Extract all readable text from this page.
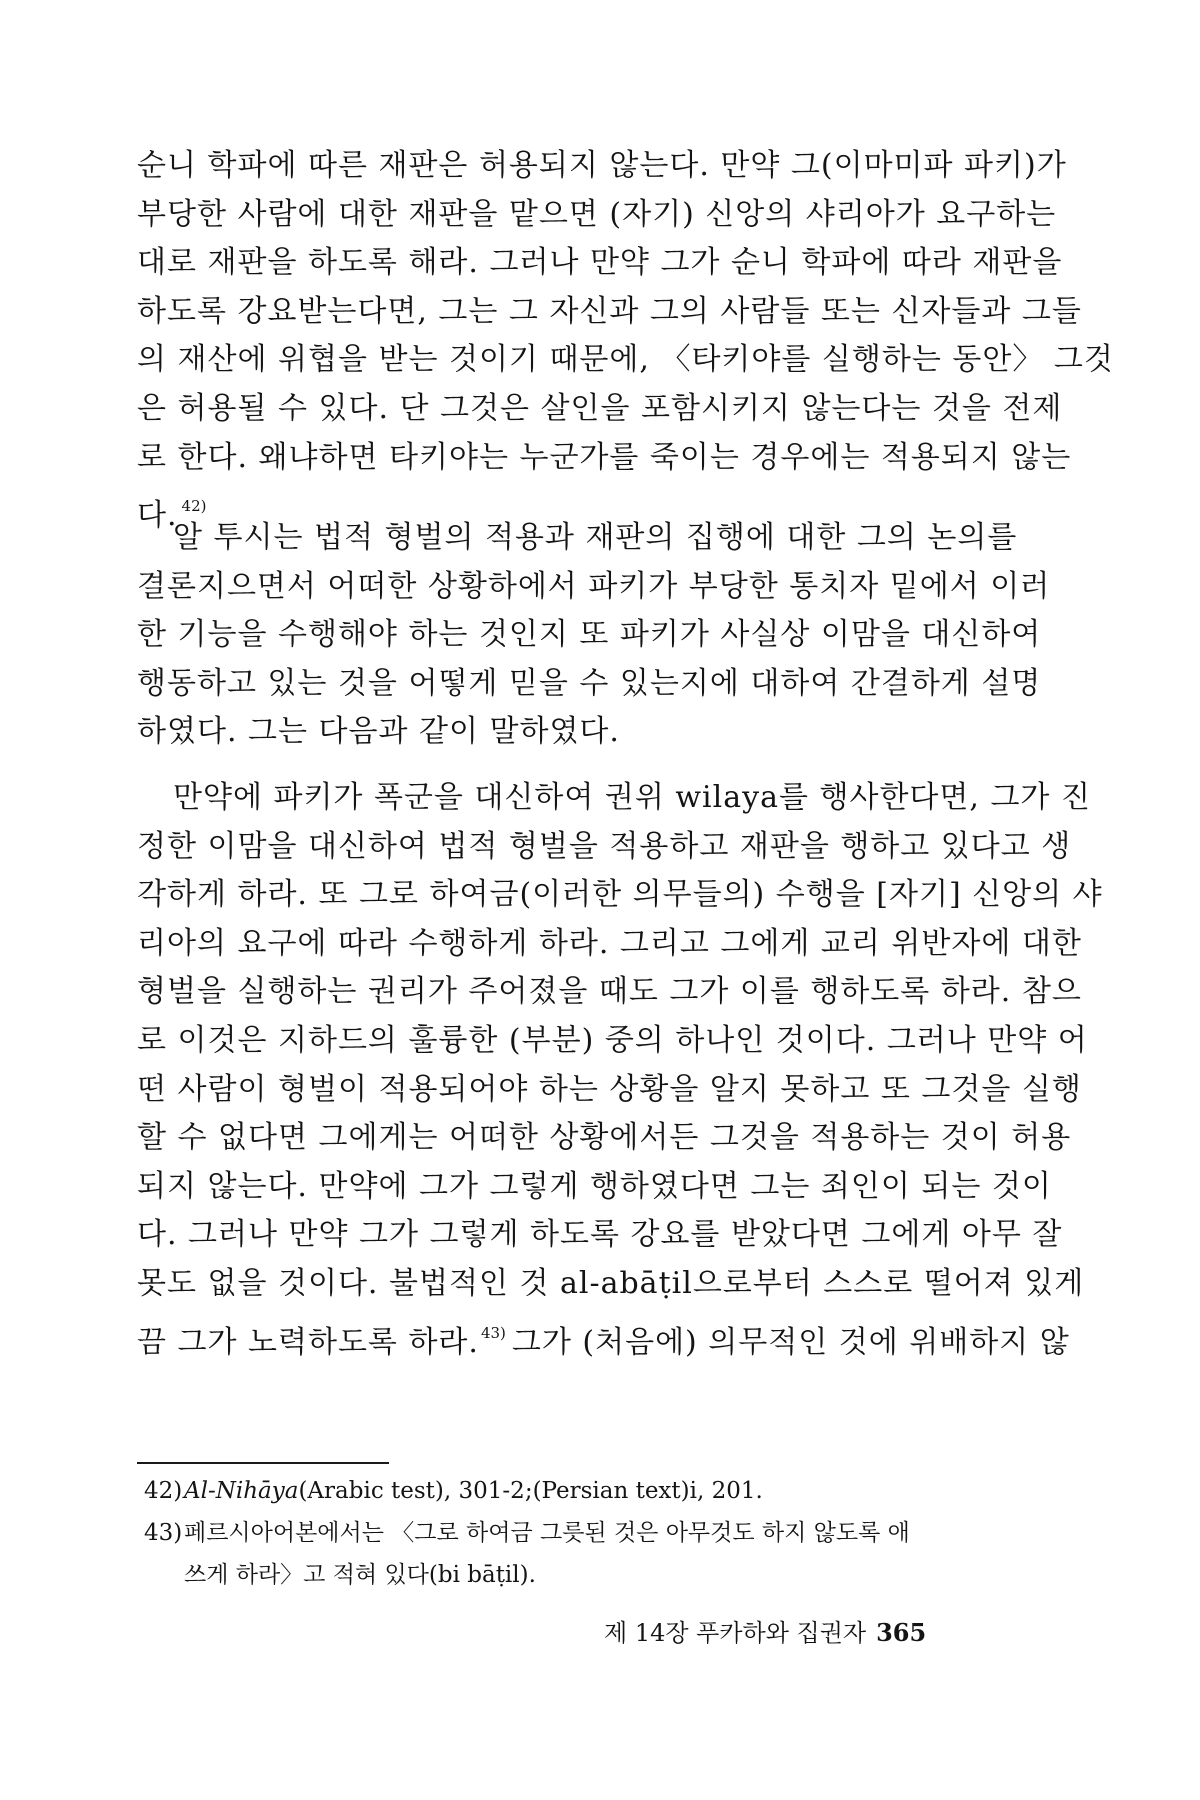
순니 학파에 따른 재판은 허용되지 않는다. 만약 그(이마미파 파키)가
부당한 사람에 대한 재판을 맡으면 (자기) 신앙의 샤리아가 요구하는
대로 재판을 하도록 해라. 그러나 만약 그가 순니 학파에 따라 재판을
하도록 강요받는다면, 그는 그 자신과 그의 사람들 또는 신자들과 그들
의 재산에 위협을 받는 것이기 때문에, 〈타키야를 실행하는 동안〉 그것
은 허용될 수 있다. 단 그것은 살인을 포함시키지 않는다는 것을 전제
로 한다. 왜냐하면 타키야는 누군가를 죽이는 경우에는 적용되지 않는
다. $^{42)}$
알 투시는 법적 형벌의 적용과 재판의 집행에 대한 그의 논의를
결론지으면서 어떠한 상황하에서 파키가 부당한 통치자 밑에서 이러
한 기능을 수행해야 하는 것인지 또 파키가 사실상 이맘을 대신하여
행동하고 있는 것을 어떻게 믿을 수 있는지에 대하여 간결하게 설명
하였다. 그는 다음과 같이 말하였다.
만약에 파키가 폭군을 대신하여 권위 wilaya를 행사한다면, 그가 진
정한 이맘을 대신하여 법적 형벌을 적용하고 재판을 행하고 있다고 생
각하게 하라. 또 그로 하여금(이러한 의무들의) 수행을 [자기] 신앙의 샤
리아의 요구에 따라 수행하게 하라. 그리고 그에게 교리 위반자에 대한
형벌을 실행하는 권리가 주어졌을 때도 그가 이를 행하도록 하라. 참으
로 이것은 지하드의 훌륭한 (부분) 중의 하나인 것이다. 그러나 만약 어
떤 사람이 형벌이 적용되어야 하는 상황을 알지 못하고 또 그것을 실행
할 수 없다면 그에게는 어떠한 상황에서든 그것을 적용하는 것이 허용
되지 않는다. 만약에 그가 그렇게 행하였다면 그는 죄인이 되는 것이
다. 그러나 만약 그가 그렇게 하도록 강요를 받았다면 그에게 아무 잘
못도 없을 것이다. 불법적인 것 al-abāṭil으로부터 스스로 떨어져 있게
끔 그가 노력하도록 하라. $^{43)}$ 그가 (처음에) 의무적인 것에 위배하지 않
42)Al-Nihāya(Arabic test), 301-2;(Persian text)i, 201.
43)페르시아어본에서는 〈그로 하여금 그릇된 것은 아무것도 하지 않도록 애
쓰게 하라〉고 적혀 있다(bi bāṭil).
제 14장 푸카하와 집권자 365
